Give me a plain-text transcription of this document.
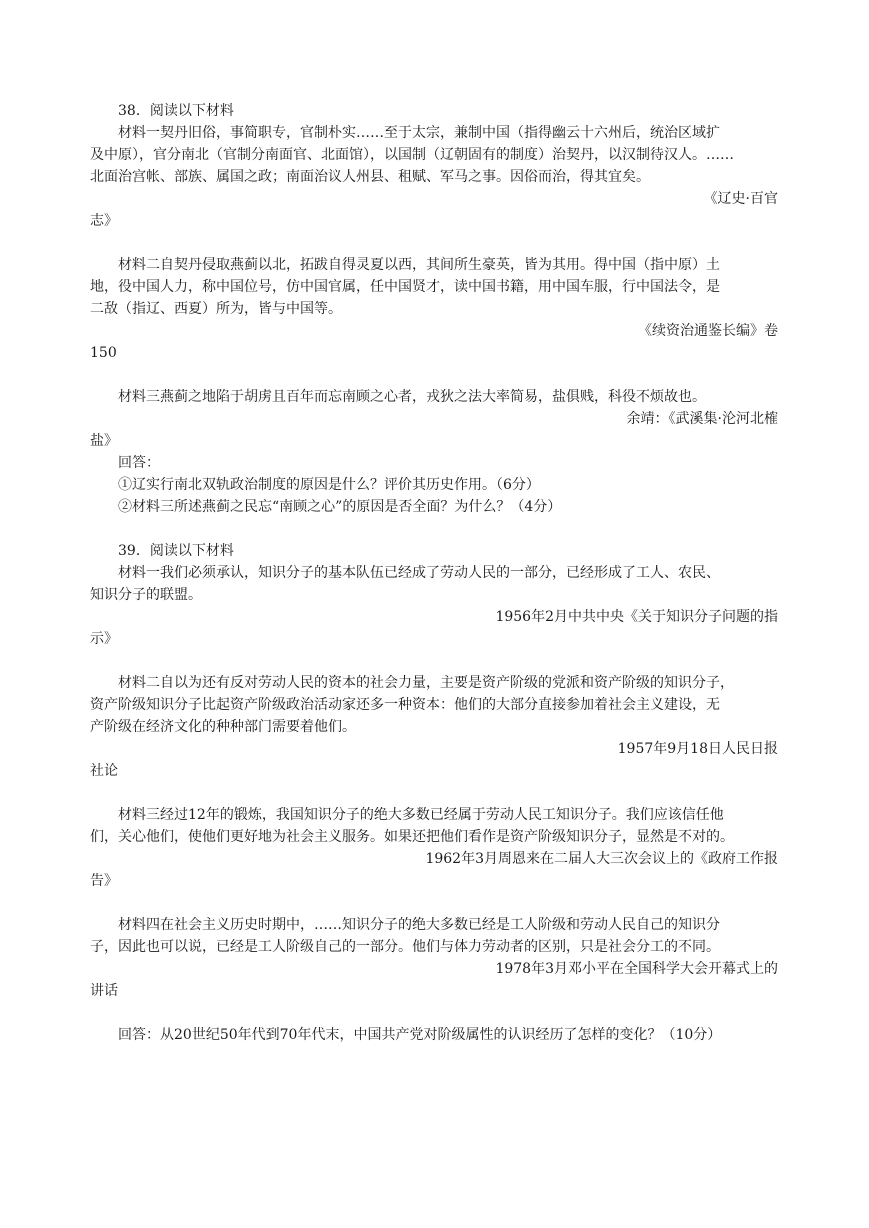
38．阅读以下材料
材料一契丹旧俗，事简职专，官制朴实……至于太宗，兼制中国（指得幽云十六州后，统治区域扩
及中原），官分南北（官制分南面官、北面馆），以国制（辽朝固有的制度）治契丹，以汉制待汉人。……
北面治宫帐、部族、属国之政；南面治议人州县、租赋、军马之事。因俗而治，得其宜矣。
《辽史·百官
志》
材料二自契丹侵取燕蓟以北，拓跋自得灵夏以西，其间所生豪英，皆为其用。得中国（指中原）土
地，役中国人力，称中国位号，仿中国官属，任中国贤才，读中国书籍，用中国车服，行中国法令，是
二敌（指辽、西夏）所为，皆与中国等。
《续资治通鉴长编》卷
150
材料三燕蓟之地陷于胡虏且百年而忘南顾之心者，戎狄之法大率简易，盐俱贱，科役不烦故也。
余靖：《武溪集·沦河北榷
盐》
回答：
①辽实行南北双轨政治制度的原因是什么？评价其历史作用。（6分）
②材料三所述燕蓟之民忘“南顾之心”的原因是否全面？为什么？（4分）
39．阅读以下材料
材料一我们必须承认，知识分子的基本队伍已经成了劳动人民的一部分，已经形成了工人、农民、
知识分子的联盟。
1956年2月中共中央《关于知识分子问题的指
示》
材料二自以为还有反对劳动人民的资本的社会力量，主要是资产阶级的党派和资产阶级的知识分子，
资产阶级知识分子比起资产阶级政治活动家还多一种资本：他们的大部分直接参加着社会主义建设，无
产阶级在经济文化的种种部门需要着他们。
1957年9月18日人民日报
社论
材料三经过12年的锻炼，我国知识分子的绝大多数已经属于劳动人民工知识分子。我们应该信任他
们，关心他们，使他们更好地为社会主义服务。如果还把他们看作是资产阶级知识分子，显然是不对的。
1962年3月周恩来在二届人大三次会议上的《政府工作报
告》
材料四在社会主义历史时期中，……知识分子的绝大多数已经是工人阶级和劳动人民自己的知识分
子，因此也可以说，已经是工人阶级自己的一部分。他们与体力劳动者的区别，只是社会分工的不同。
1978年3月邓小平在全国科学大会开幕式上的
讲话
回答：从20世纪50年代到70年代末，中国共产党对阶级属性的认识经历了怎样的变化？（10分）
